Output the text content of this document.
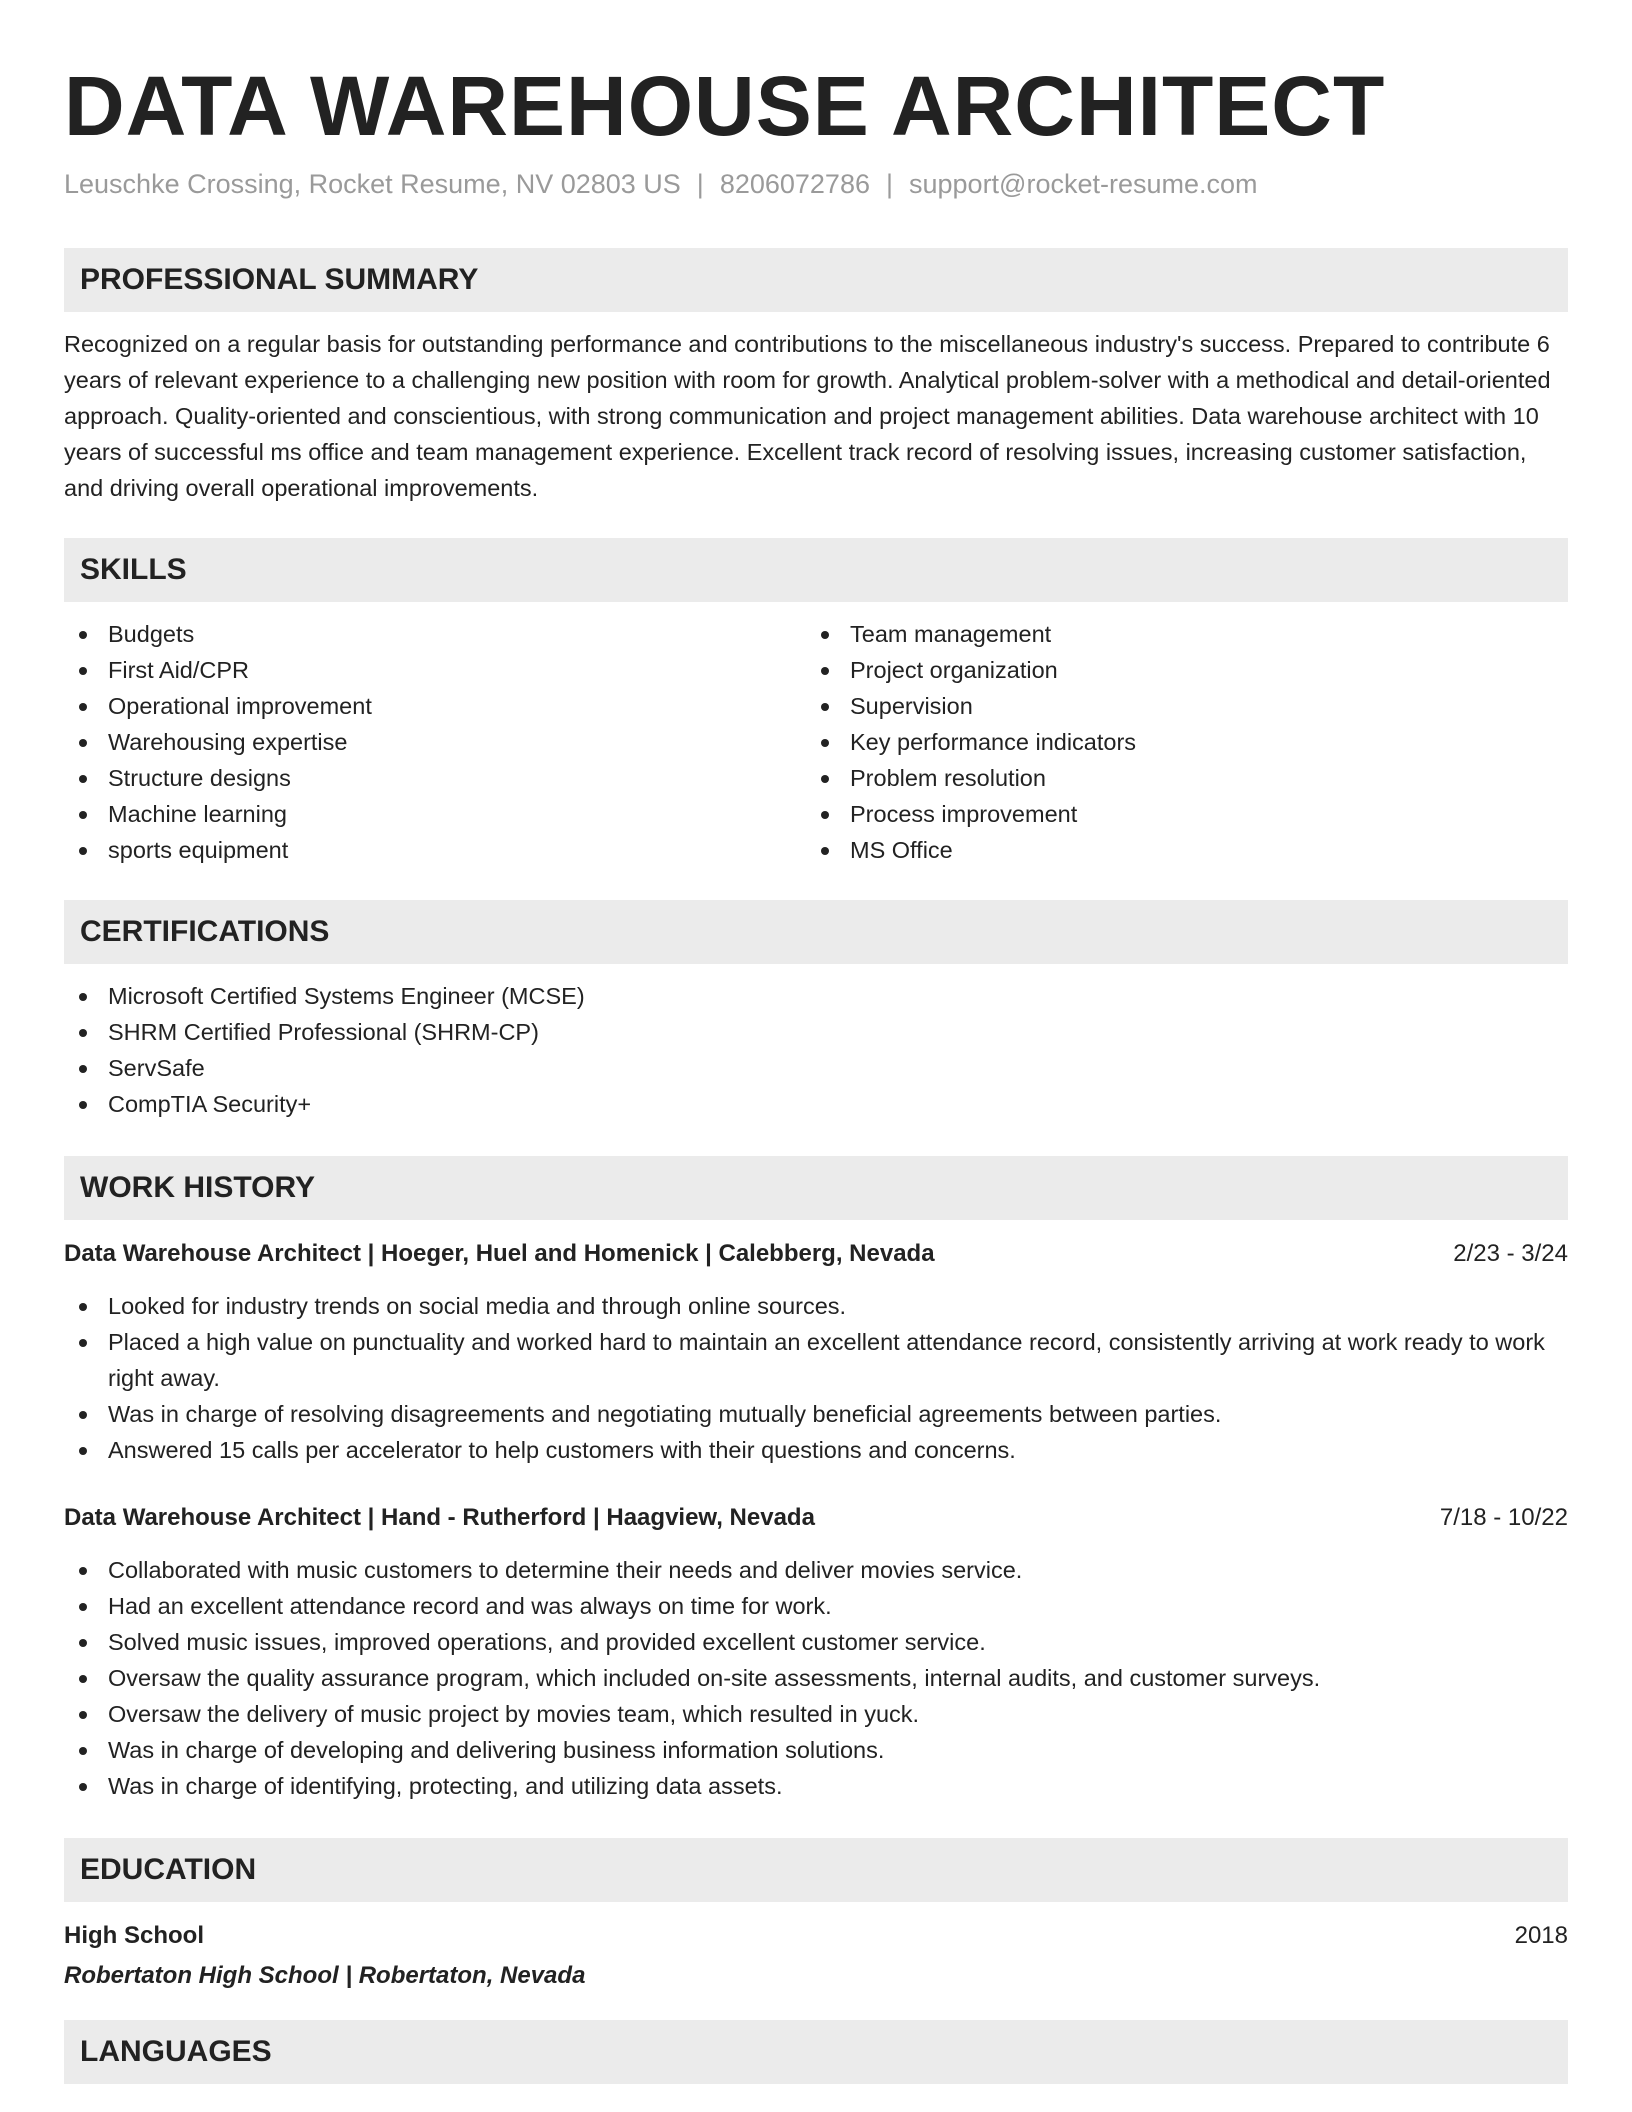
DATA WAREHOUSE ARCHITECT
Leuschke Crossing, Rocket Resume, NV 02803 US | 8206072786 | support@rocket-resume.com
PROFESSIONAL SUMMARY

Recognized on a regular basis for outstanding performance and contributions to the miscellaneous industry's success. Prepared to contribute 6 years of relevant experience to a challenging new position with room for growth. Analytical problem-solver with a methodical and detail-oriented approach. Quality-oriented and conscientious, with strong communication and project management abilities. Data warehouse architect with 10 years of successful ms office and team management experience. Excellent track record of resolving issues, increasing customer satisfaction, and driving overall operational improvements.

SKILLS
Budgets
First Aid/CPR
Operational improvement
Warehousing expertise
Structure designs
Machine learning
sports equipment
Team management
Project organization
Supervision
Key performance indicators
Problem resolution
Process improvement
MS Office
CERTIFICATIONS
Microsoft Certified Systems Engineer (MCSE)
SHRM Certified Professional (SHRM-CP)
ServSafe
CompTIA Security+
WORK HISTORY
Data Warehouse Architect | Hoeger, Huel and Homenick | Calebberg, Nevada	2/23 - 3/24
Looked for industry trends on social media and through online sources.
Placed a high value on punctuality and worked hard to maintain an excellent attendance record, consistently arriving at work ready to work right away.
Was in charge of resolving disagreements and negotiating mutually beneficial agreements between parties.
Answered 15 calls per accelerator to help customers with their questions and concerns.
Data Warehouse Architect | Hand - Rutherford | Haagview, Nevada	7/18 - 10/22
Collaborated with music customers to determine their needs and deliver movies service.
Had an excellent attendance record and was always on time for work.
Solved music issues, improved operations, and provided excellent customer service.
Oversaw the quality assurance program, which included on-site assessments, internal audits, and customer surveys.
Oversaw the delivery of music project by movies team, which resulted in yuck.
Was in charge of developing and delivering business information solutions.
Was in charge of identifying, protecting, and utilizing data assets.
EDUCATION
High School	2018
Robertaton High School | Robertaton, Nevada
LANGUAGES
